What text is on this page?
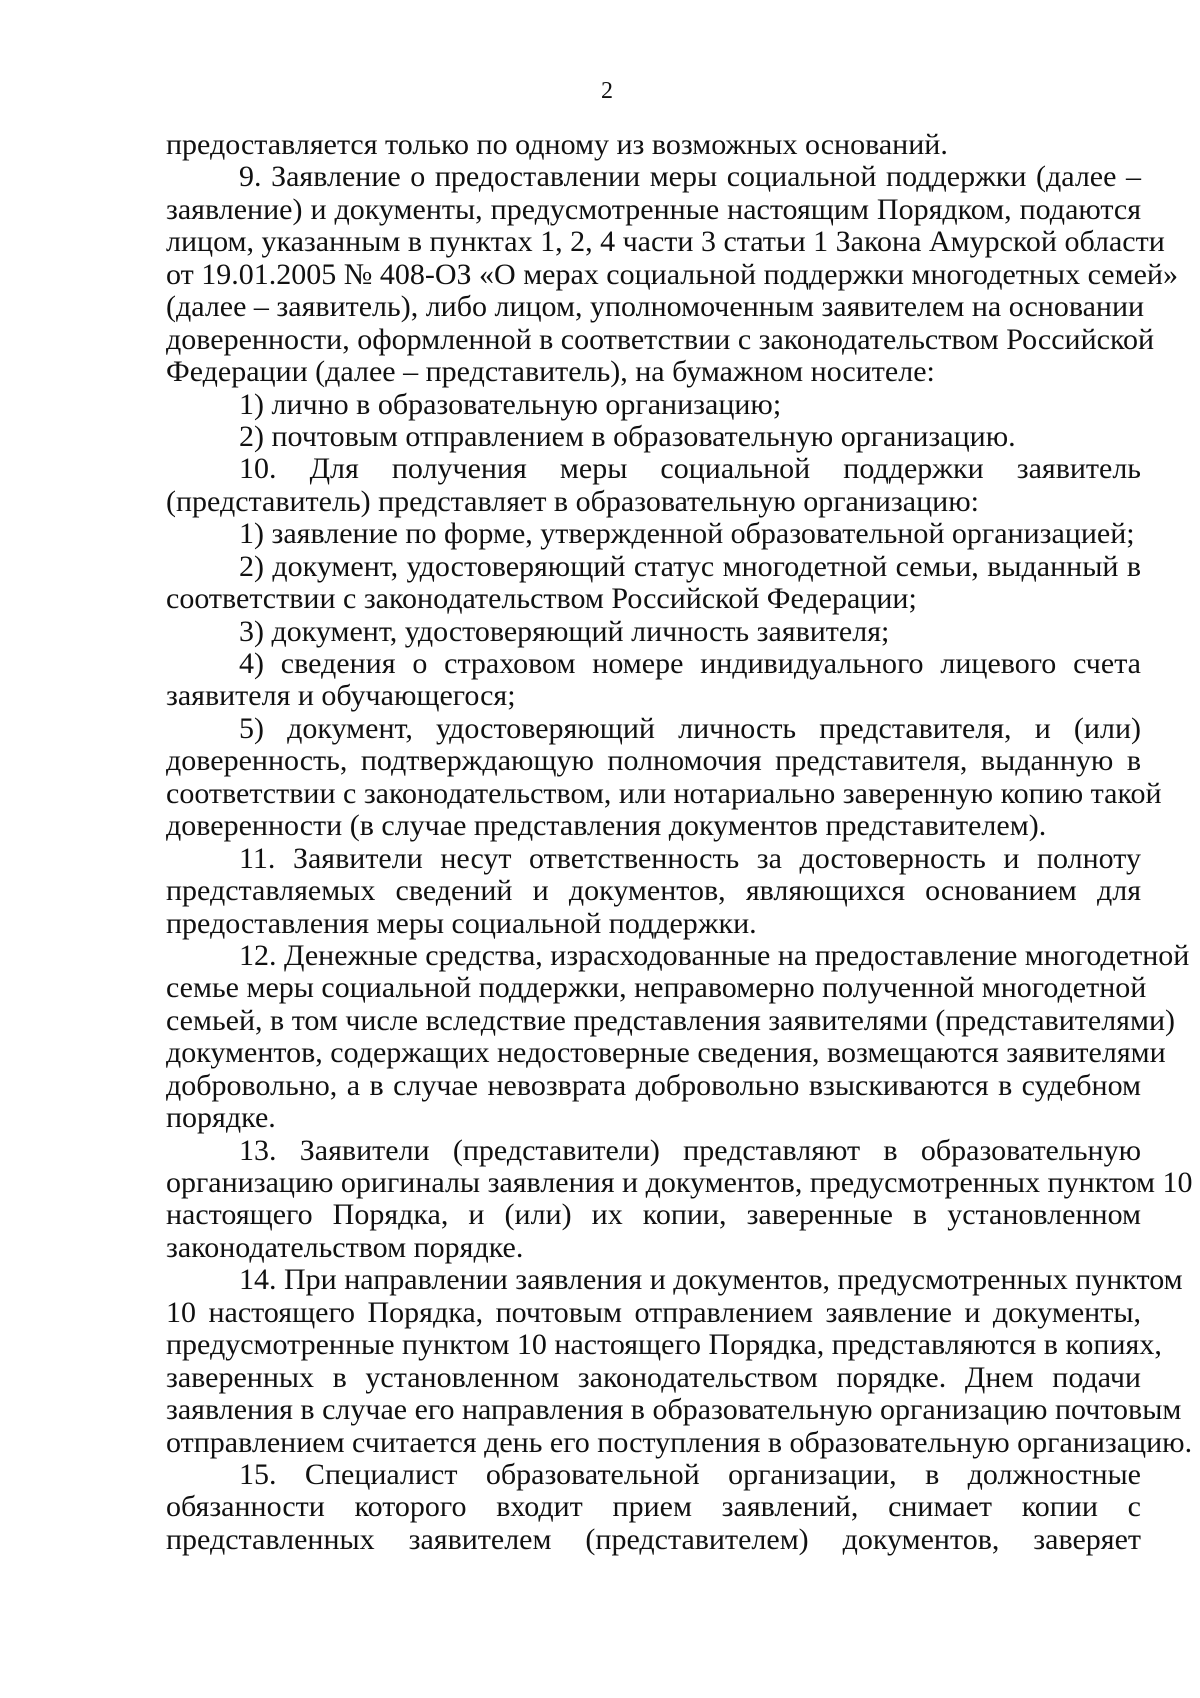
2
предоставляется только по одному из возможных оснований.
9. Заявление о предоставлении меры социальной поддержки (далее –
заявление) и документы, предусмотренные настоящим Порядком, подаются
лицом, указанным в пунктах 1, 2, 4 части 3 статьи 1 Закона Амурской области
от 19.01.2005 № 408-ОЗ «О мерах социальной поддержки многодетных семей»
(далее – заявитель), либо лицом, уполномоченным заявителем на основании
доверенности, оформленной в соответствии с законодательством Российской
Федерации (далее – представитель), на бумажном носителе:
1) лично в образовательную организацию;
2) почтовым отправлением в образовательную организацию.
10. Для получения меры социальной поддержки заявитель
(представитель) представляет в образовательную организацию:
1) заявление по форме, утвержденной образовательной организацией;
2) документ, удостоверяющий статус многодетной семьи, выданный в
соответствии с законодательством Российской Федерации;
3) документ, удостоверяющий личность заявителя;
4) сведения о страховом номере индивидуального лицевого счета
заявителя и обучающегося;
5) документ, удостоверяющий личность представителя, и (или)
доверенность, подтверждающую полномочия представителя, выданную в
соответствии с законодательством, или нотариально заверенную копию такой
доверенности (в случае представления документов представителем).
11. Заявители несут ответственность за достоверность и полноту
представляемых сведений и документов, являющихся основанием для
предоставления меры социальной поддержки.
12. Денежные средства, израсходованные на предоставление многодетной
семье меры социальной поддержки, неправомерно полученной многодетной
семьей, в том числе вследствие представления заявителями (представителями)
документов, содержащих недостоверные сведения, возмещаются заявителями
добровольно, а в случае невозврата добровольно взыскиваются в судебном
порядке.
13. Заявители (представители) представляют в образовательную
организацию оригиналы заявления и документов, предусмотренных пунктом 10
настоящего Порядка, и (или) их копии, заверенные в установленном
законодательством порядке.
14. При направлении заявления и документов, предусмотренных пунктом
10 настоящего Порядка, почтовым отправлением заявление и документы,
предусмотренные пунктом 10 настоящего Порядка, представляются в копиях,
заверенных в установленном законодательством порядке. Днем подачи
заявления в случае его направления в образовательную организацию почтовым
отправлением считается день его поступления в образовательную организацию.
15. Специалист образовательной организации, в должностные
обязанности которого входит прием заявлений, снимает копии с
представленных заявителем (представителем) документов, заверяет
